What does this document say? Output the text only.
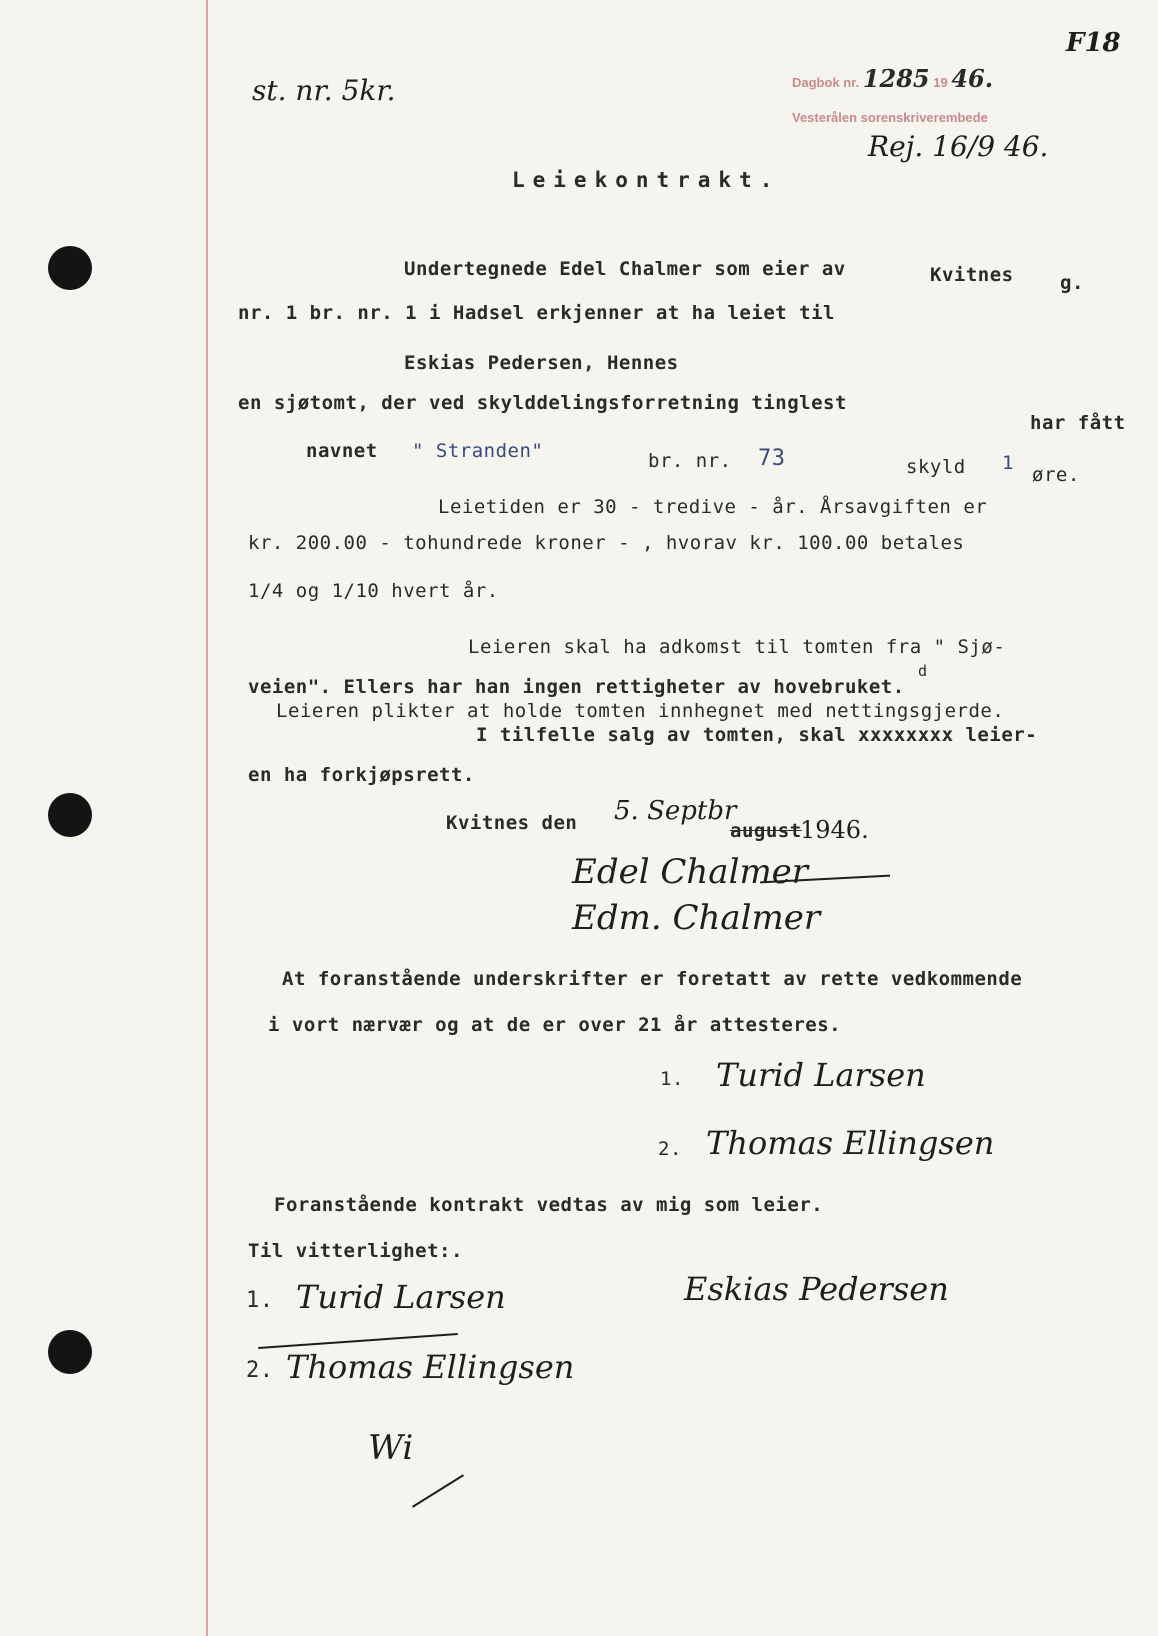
st. nr. 5kr.	Dagbok nr. 1285 19 46.
Vesterålen sorenskriverembede
Rej. 16/9 46.
F18
Leiekontrakt.
Undertegnede Edel Chalmer som eier av	Kvitnes g.
nr. 1 br. nr. 1 i Hadsel erkjenner at ha leiet til
Eskias Pedersen, Hennes
en sjøtomt, der ved skylddelingsforretning tinglest
har fått
navnet " Stranden"	br. nr. 73	skyld 1
øre.
Leietiden er 30 - tredive - år. Årsavgiften er
kr. 200.00 - tohundrede kroner - , hvorav kr. 100.00 betales
1/4 og 1/10 hvert år.
Leieren skal ha adkomst til tomten fra " Sjø-
d
veien". Ellers har han ingen rettigheter av hovebruket.
Leieren plikter at holde tomten innhegnet med nettingsgjerde.
I tilfelle salg av tomten, skal xxxxxxxx leier-
en ha forkjøpsrett.
Kvitnes den 5. Septbr
august
1946.
Edel Chalmer
Edm. Chalmer
At foranstående underskrifter er foretatt av rette vedkommende
i vort nærvær og at de er over 21 år attesteres.
1. Turid Larsen
2. Thomas Ellingsen
Foranstående kontrakt vedtas av mig som leier.
Til vitterlighet:.
Eskias Pedersen
1. Turid Larsen
2. Thomas Ellingsen
Wi
